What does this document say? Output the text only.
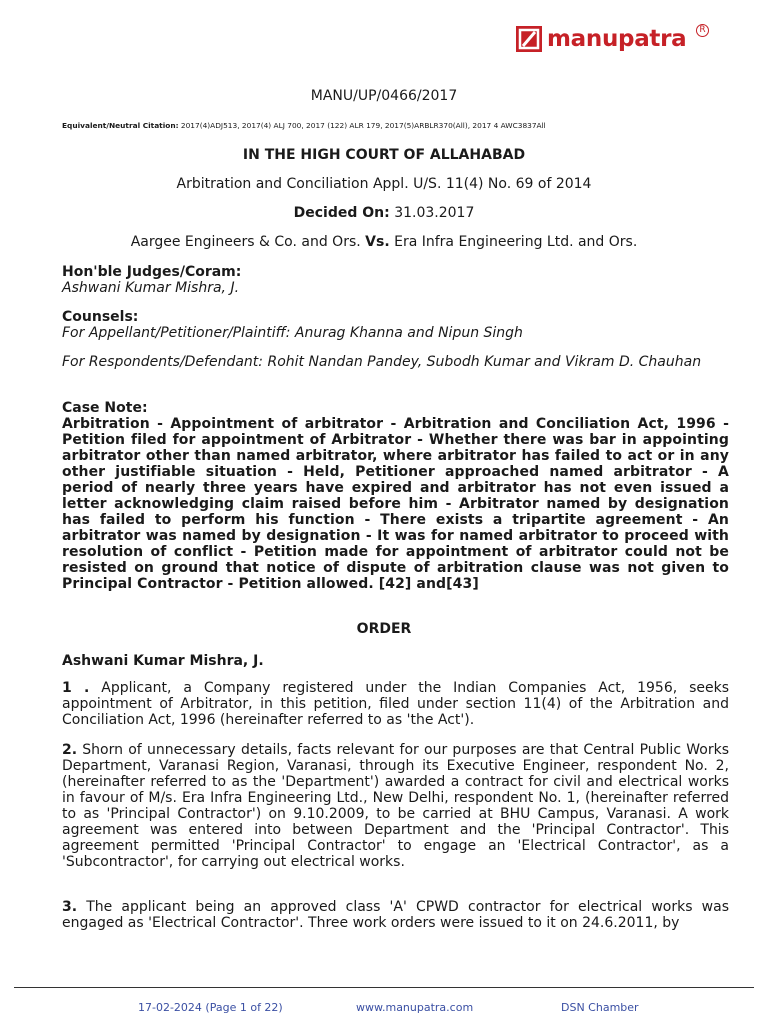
manupatra	R
MANU/UP/0466/2017
Equivalent/Neutral Citation: 2017(4)ADJ513, 2017(4) ALJ 700, 2017 (122) ALR 179, 2017(5)ARBLR370(All), 2017 4 AWC3837All
IN THE HIGH COURT OF ALLAHABAD
Arbitration and Conciliation Appl. U/S. 11(4) No. 69 of 2014
Decided On: 31.03.2017
Aargee Engineers & Co. and Ors. Vs. Era Infra Engineering Ltd. and Ors.
Hon'ble Judges/Coram:
Ashwani Kumar Mishra, J.
Counsels:
For Appellant/Petitioner/Plaintiff: Anurag Khanna and Nipun Singh
For Respondents/Defendant: Rohit Nandan Pandey, Subodh Kumar and Vikram D. Chauhan
Case Note:
Arbitration - Appointment of arbitrator - Arbitration and Conciliation Act, 1996 - Petition filed for appointment of Arbitrator - Whether there was bar in appointing arbitrator other than named arbitrator, where arbitrator has failed to act or in any other justifiable situation - Held, Petitioner approached named arbitrator - A period of nearly three years have expired and arbitrator has not even issued a letter acknowledging claim raised before him - Arbitrator named by designation has failed to perform his function - There exists a tripartite agreement - An arbitrator was named by designation - It was for named arbitrator to proceed with resolution of conflict - Petition made for appointment of arbitrator could not be resisted on ground that notice of dispute of arbitration clause was not given to Principal Contractor - Petition allowed. [42] and[43]
ORDER
Ashwani Kumar Mishra, J.
1 . Applicant, a Company registered under the Indian Companies Act, 1956, seeks appointment of Arbitrator, in this petition, filed under section 11(4) of the Arbitration and Conciliation Act, 1996 (hereinafter referred to as 'the Act').
2. Shorn of unnecessary details, facts relevant for our purposes are that Central Public Works Department, Varanasi Region, Varanasi, through its Executive Engineer, respondent No. 2, (hereinafter referred to as the 'Department') awarded a contract for civil and electrical works in favour of M/s. Era Infra Engineering Ltd., New Delhi, respondent No. 1, (hereinafter referred to as 'Principal Contractor') on 9.10.2009, to be carried at BHU Campus, Varanasi. A work agreement was entered into between Department and the 'Principal Contractor'. This agreement permitted 'Principal Contractor' to engage an 'Electrical Contractor', as a 'Subcontractor', for carrying out electrical works.
3. The applicant being an approved class 'A' CPWD contractor for electrical works was engaged as 'Electrical Contractor'. Three work orders were issued to it on 24.6.2011, by
17-02-2024 (Page 1 of 22)	www.manupatra.com	DSN Chamber
